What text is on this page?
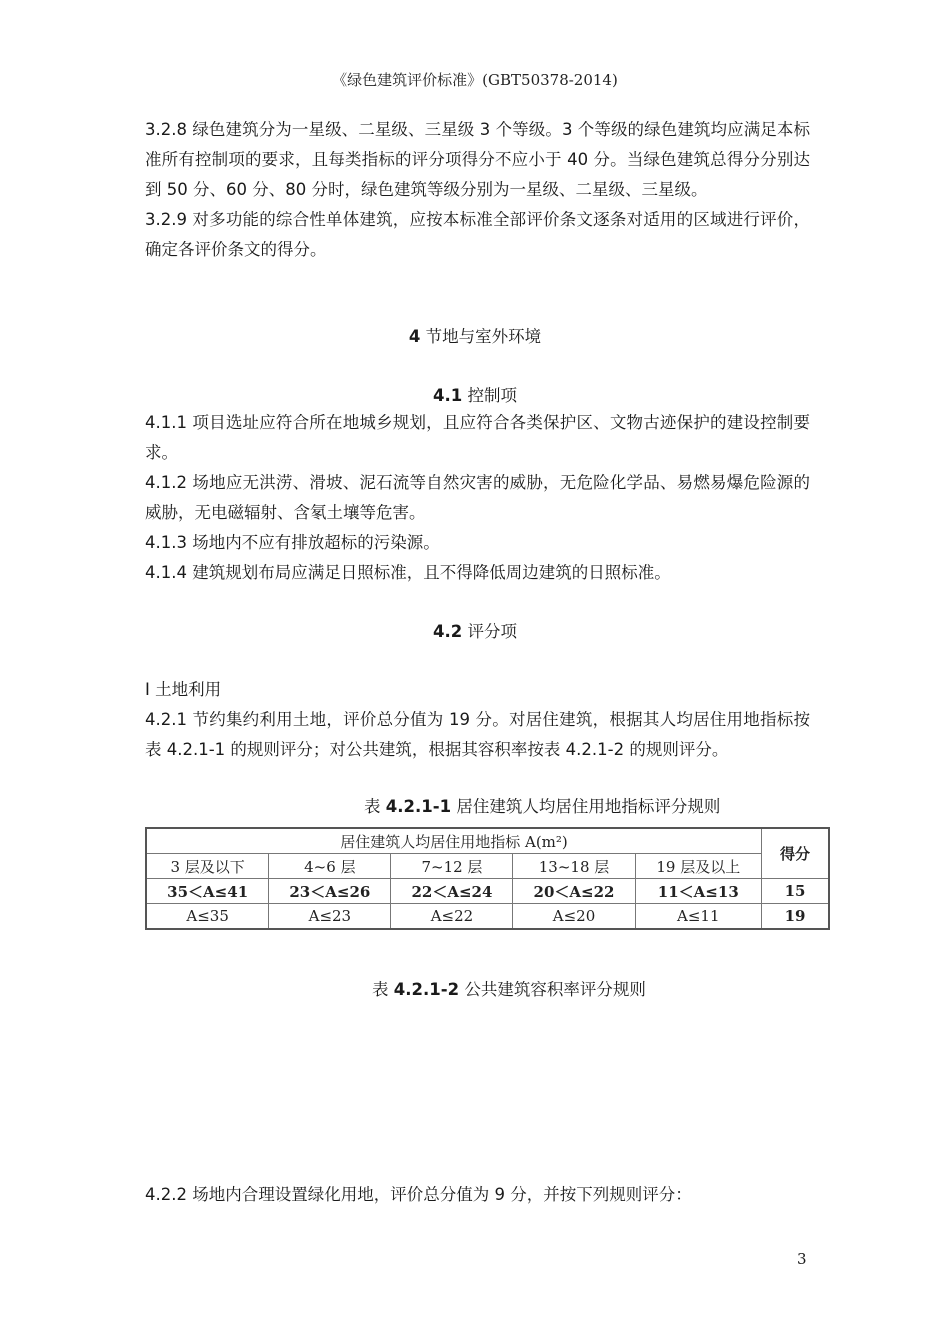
《绿色建筑评价标准》(GBT50378-2014)

3.2.8 绿色建筑分为一星级、二星级、三星级 3 个等级。3 个等级的绿色建筑均应满足本标准所有控制项的要求，且每类指标的评分项得分不应小于 40 分。当绿色建筑总得分分别达到 50 分、60 分、80 分时，绿色建筑等级分别为一星级、二星级、三星级。

3.2.9 对多功能的综合性单体建筑，应按本标准全部评价条文逐条对适用的区域进行评价，确定各评价条文的得分。

4 节地与室外环境
4.1 控制项

4.1.1 项目选址应符合所在地城乡规划，且应符合各类保护区、文物古迹保护的建设控制要求。

4.1.2 场地应无洪涝、滑坡、泥石流等自然灾害的威胁，无危险化学品、易燃易爆危险源的威胁，无电磁辐射、含氡土壤等危害。

4.1.3 场地内不应有排放超标的污染源。

4.1.4 建筑规划布局应满足日照标准，且不得降低周边建筑的日照标准。

4.2 评分项

Ⅰ 土地利用

4.2.1 节约集约利用土地，评价总分值为 19 分。对居住建筑，根据其人均居住用地指标按表 4.2.1-1 的规则评分；对公共建筑，根据其容积率按表 4.2.1-2 的规则评分。

表 4.2.1-1 居住建筑人均居住用地指标评分规则
居住建筑人均居住用地指标 A(m²)					得分
3 层及以下	4~6 层	7~12 层	13~18 层	19 层及以上	
35＜A≤41	23＜A≤26	22＜A≤24	20＜A≤22	11＜A≤13	15
A≤35	A≤23	A≤22	A≤20	A≤11	19
表 4.2.1-2 公共建筑容积率评分规则

4.2.2 场地内合理设置绿化用地，评价总分值为 9 分，并按下列规则评分：

3
